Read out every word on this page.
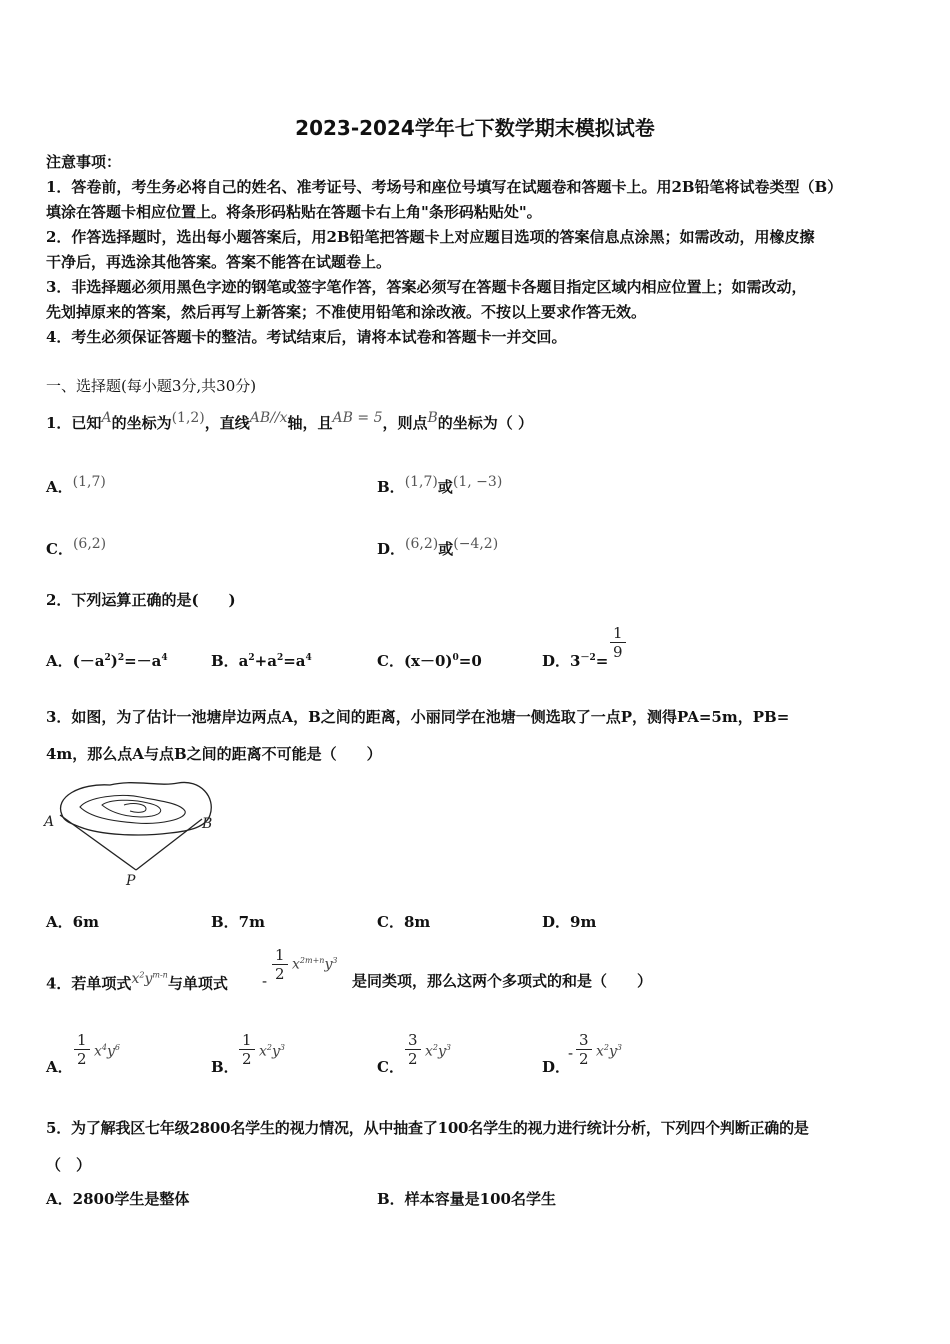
2023-2024学年七下数学期末模拟试卷
注意事项：
1．答卷前，考生务必将自己的姓名、准考证号、考场号和座位号填写在试题卷和答题卡上。用2B铅笔将试卷类型（B）
填涂在答题卡相应位置上。将条形码粘贴在答题卡右上角"条形码粘贴处"。
2．作答选择题时，选出每小题答案后，用2B铅笔把答题卡上对应题目选项的答案信息点涂黑；如需改动，用橡皮擦
干净后，再选涂其他答案。答案不能答在试题卷上。
3．非选择题必须用黑色字迹的钢笔或签字笔作答，答案必须写在答题卡各题目指定区域内相应位置上；如需改动，
先划掉原来的答案，然后再写上新答案；不准使用铅笔和涂改液。不按以上要求作答无效。
4．考生必须保证答题卡的整洁。考试结束后，请将本试卷和答题卡一并交回。
一、选择题(每小题3分,共30分)
1．已知A的坐标为(1,2)，直线AB//x轴，且AB = 5，则点B的坐标为（ ）
A．(1,7)	B．(1,7)或(1, −3)
C．(6,2)	D．(6,2)或(−4,2)
2．下列运算正确的是(　　)
A．$(-a^2)^2=-a^4$	B．$a^2+a^2=a^4$	C．$(x-0)^0=0$	D．$3^{-2}= \frac{1}{9}$
3．如图，为了估计一池塘岸边两点A，B之间的距离，小丽同学在池塘一侧选取了一点P，测得PA=5m，PB=
4m，那么点A与点B之间的距离不可能是（　　）
A	B
P
A．6m	B．7m	C．8m	D．9m
4．若单项式$x^2y^{m-n}$与单项式 - $\frac{1}{2} x^{2m+n}y^3$
是同类项，那么这两个多项式的和是（　　）
A． $\frac{1}{2} x^4y^6$
B． $\frac{1}{2} x^2y^3$
C． $\frac{3}{2} x^2y^3$
D．
- $\frac{3}{2} x^2y^3$
5．为了解我区七年级2800名学生的视力情况，从中抽查了100名学生的视力进行统计分析，下列四个判断正确的是
（　）
A．2800学生是整体	B．样本容量是100名学生
